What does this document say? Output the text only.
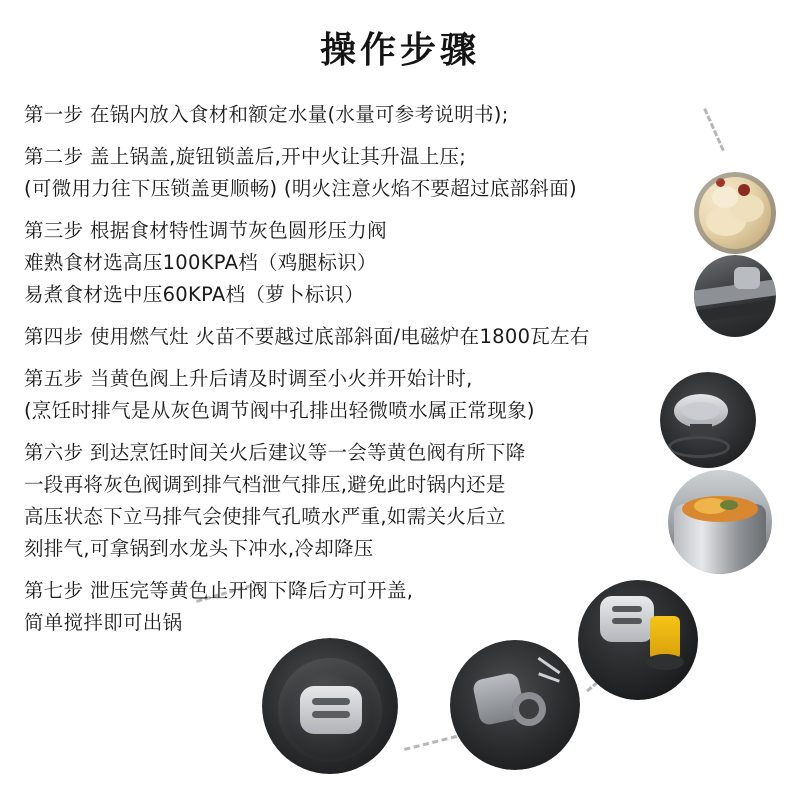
操作步骤

第一步 在锅内放入食材和额定水量(水量可参考说明书);

第二步 盖上锅盖,旋钮锁盖后,开中火让其升温上压;

(可微用力往下压锁盖更顺畅) (明火注意火焰不要超过底部斜面)

第三步 根据食材特性调节灰色圆形压力阀

难熟食材选高压100KPA档（鸡腿标识）

易煮食材选中压60KPA档（萝卜标识）

第四步 使用燃气灶 火苗不要越过底部斜面/电磁炉在1800瓦左右

第五步 当黄色阀上升后请及时调至小火并开始计时,

(烹饪时排气是从灰色调节阀中孔排出轻微喷水属正常现象)

第六步 到达烹饪时间关火后建议等一会等黄色阀有所下降

一段再将灰色阀调到排气档泄气排压,避免此时锅内还是

高压状态下立马排气会使排气孔喷水严重,如需关火后立

刻排气,可拿锅到水龙头下冲水,冷却降压

第七步 泄压完等黄色止开阀下降后方可开盖,

简单搅拌即可出锅
